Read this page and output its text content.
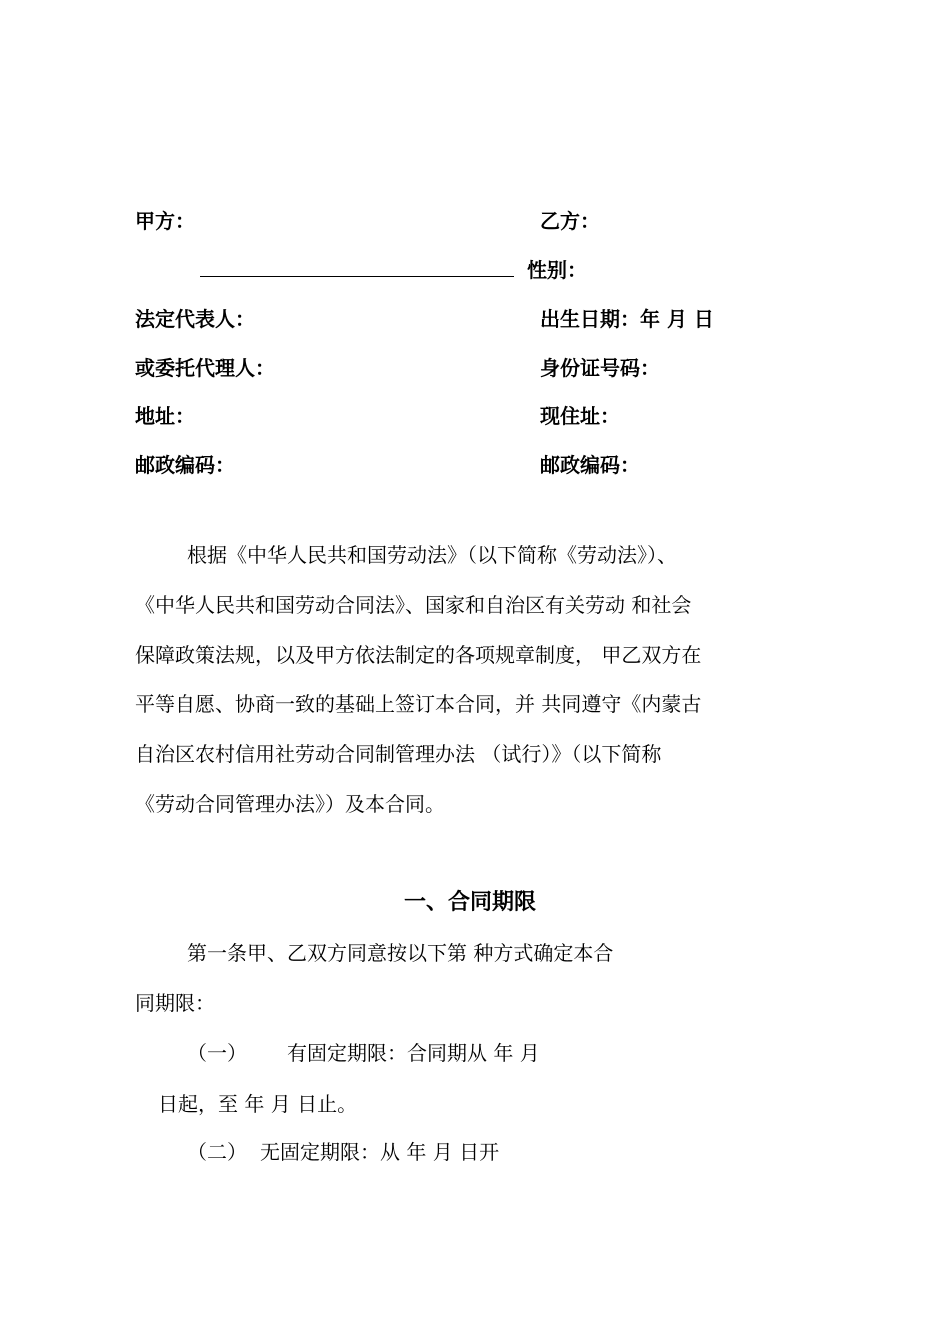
甲方：	乙方：
性别：
法定代表人：	出生日期：年 月 日
或委托代理人：	身份证号码：
地址：	现住址：
邮政编码：	邮政编码：
根据《中华人民共和国劳动法》（以下简称《劳动法》）、
《中华人民共和国劳动合同法》、国家和自治区有关劳动 和社会
保障政策法规，以及甲方依法制定的各项规章制度， 甲乙双方在
平等自愿、协商一致的基础上签订本合同，并 共同遵守《内蒙古
自治区农村信用社劳动合同制管理办法 （试行）》（以下简称
《劳动合同管理办法》）及本合同。
一、合同期限
第一条甲、乙双方同意按以下第 种方式确定本合
同期限：
（一） 有固定期限：合同期从 年 月
日起，至 年 月 日止。
（二） 无固定期限：从 年 月 日开
